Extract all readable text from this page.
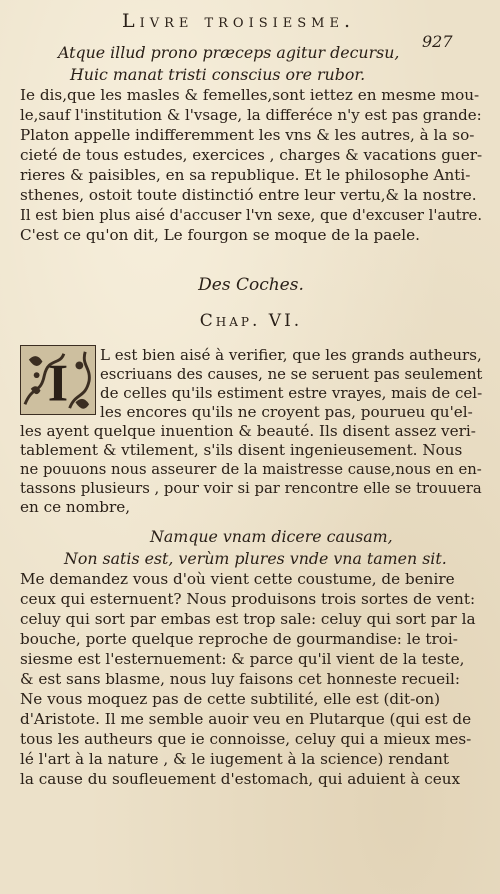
Livre troisiesme.
927
Atque illud prono præceps agitur decursu,
Huic manat tristi conscius ore rubor.
Ie dis,que les masles & femelles,sont iettez en mesme mou-
le,sauf l'institution & l'vsage, la differéce n'y est pas grande:
Platon appelle indifferemment les vns & les autres, à la so-
cieté de tous estudes, exercices , charges & vacations guer-
rieres & paisibles, en sa republique. Et le philosophe Anti-
sthenes, ostoit toute distinctió entre leur vertu,& la nostre.
Il est bien plus aisé d'accuser l'vn sexe, que d'excuser l'autre.
C'est ce qu'on dit, Le fourgon se moque de la paele.
Des Coches.
Chap. VI.
I L est bien aisé à verifier, que les grands autheurs,
escriuans des causes, ne se seruent pas seulement
de celles qu'ils estiment estre vrayes, mais de cel-
les encores qu'ils ne croyent pas, pourueu qu'el-
les ayent quelque inuention & beauté. Ils disent assez veri-
tablement & vtilement, s'ils disent ingenieusement. Nous
ne pouuons nous asseurer de la maistresse cause,nous en en-
tassons plusieurs , pour voir si par rencontre elle se trouuera
en ce nombre,
Namque vnam dicere causam,
Non satis est, verùm plures vnde vna tamen sit.
Me demandez vous d'où vient cette coustume, de benire
ceux qui esternuent? Nous produisons trois sortes de vent:
celuy qui sort par embas est trop sale: celuy qui sort par la
bouche, porte quelque reproche de gourmandise: le troi-
siesme est l'esternuement: & parce qu'il vient de la teste,
& est sans blasme, nous luy faisons cet honneste recueil:
Ne vous moquez pas de cette subtilité, elle est (dit-on)
d'Aristote. Il me semble auoir veu en Plutarque (qui est de
tous les autheurs que ie connoisse, celuy qui a mieux mes-
lé l'art à la nature , & le iugement à la science) rendant
la cause du soufleuement d'estomach, qui aduient à ceux
